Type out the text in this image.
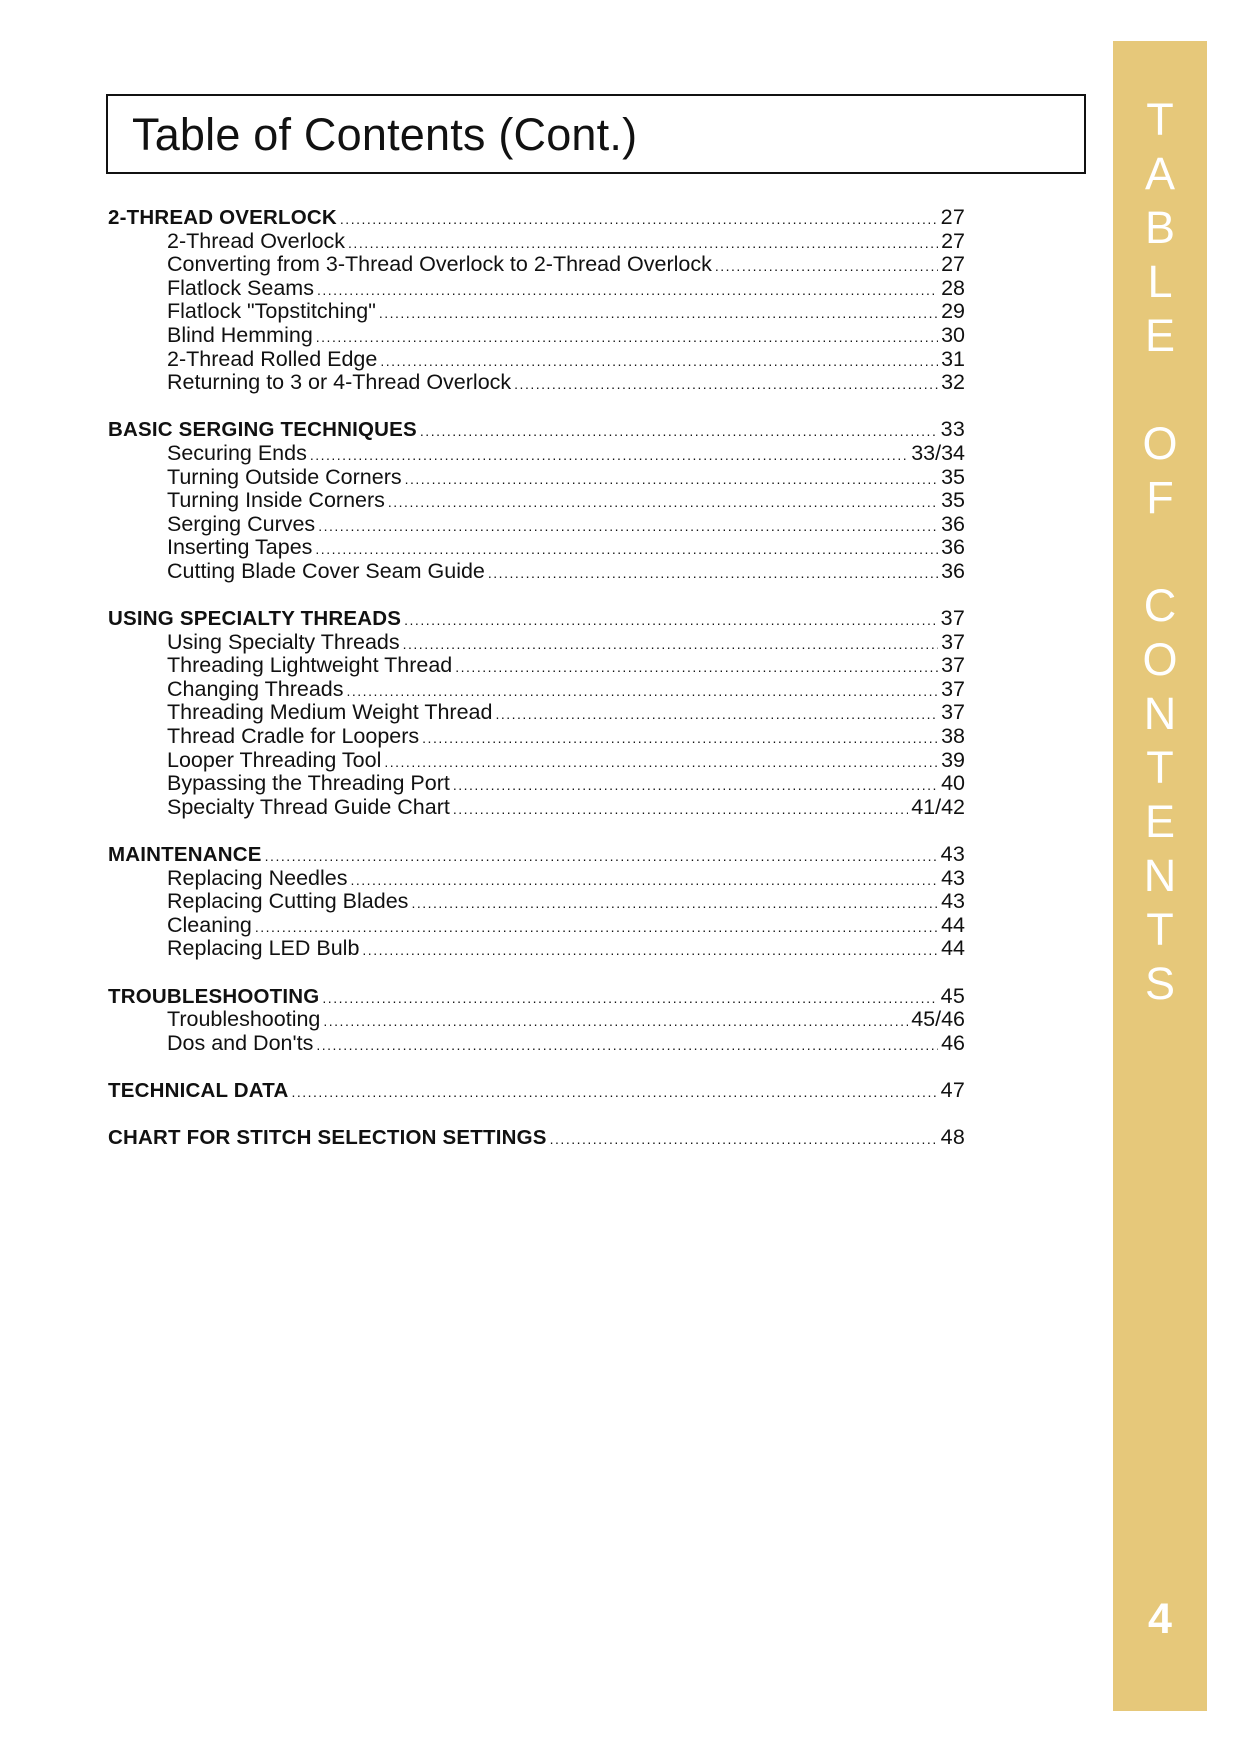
Table of Contents (Cont.)
2-THREAD OVERLOCK .....	27
2-Thread Overlock .....	27
Converting from 3-Thread Overlock to 2-Thread Overlock .....	27
Flatlock Seams .....	28
Flatlock "Topstitching" .....	29
Blind Hemming .....	30
2-Thread Rolled Edge .....	31
Returning to 3 or 4-Thread Overlock .....	32
BASIC SERGING TECHNIQUES .....	33
Securing Ends .....	33/34
Turning Outside Corners .....	35
Turning Inside Corners .....	35
Serging Curves .....	36
Inserting Tapes .....	36
Cutting Blade Cover Seam Guide .....	36
USING SPECIALTY THREADS .....	37
Using Specialty Threads .....	37
Threading Lightweight Thread .....	37
Changing Threads .....	37
Threading Medium Weight Thread .....	37
Thread Cradle for Loopers .....	38
Looper Threading Tool .....	39
Bypassing the Threading Port .....	40
Specialty Thread Guide Chart .....	41/42
MAINTENANCE .....	43
Replacing Needles .....	43
Replacing Cutting Blades .....	43
Cleaning .....	44
Replacing LED Bulb .....	44
TROUBLESHOOTING .....	45
Troubleshooting .....	45/46
Dos and Don'ts .....	46
TECHNICAL DATA .....	47
CHART FOR STITCH SELECTION SETTINGS .....	48
T
A
B
L
E
O
F
C
O
N
T
E
N
T
S
4
